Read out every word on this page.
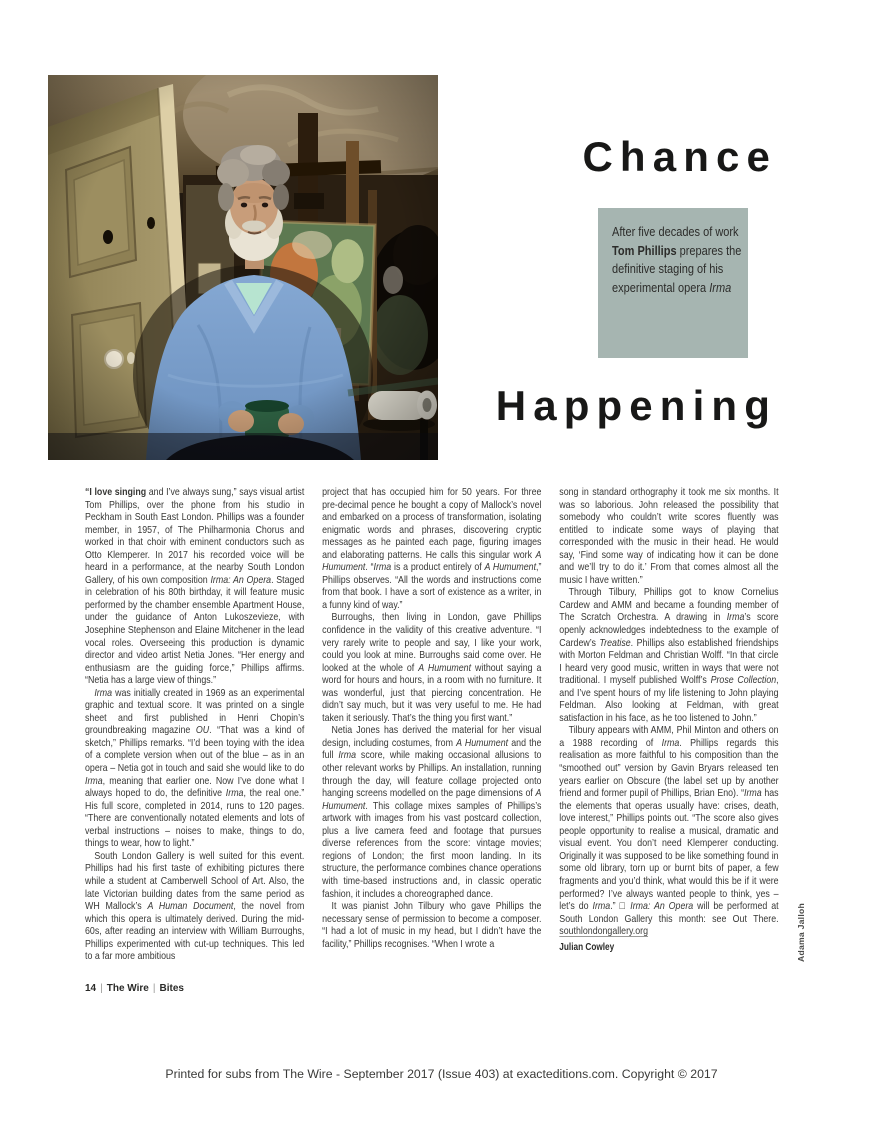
Chance
Happening
After five decades of work Tom Phillips prepares the definitive staging of his experimental opera Irma

“I love singing and I’ve always sung,” says visual artist Tom Phillips, over the phone from his studio in Peckham in South East London. Phillips was a founder member, in 1957, of The Philharmonia Chorus and worked in that choir with eminent conductors such as Otto Klemperer. In 2017 his recorded voice will be heard in a performance, at the nearby South London Gallery, of his own composition Irma: An Opera. Staged in celebration of his 80th birthday, it will feature music performed by the chamber ensemble Apartment House, under the guidance of Anton Lukoszevieze, with Josephine Stephenson and Elaine Mitchener in the lead vocal roles. Overseeing this production is dynamic director and video artist Netia Jones. “Her energy and enthusiasm are the guiding force,” Phillips affirms. “Netia has a large view of things.”

Irma was initially created in 1969 as an experimental graphic and textual score. It was printed on a single sheet and first published in Henri Chopin’s groundbreaking magazine OU. “That was a kind of sketch,” Phillips remarks. “I’d been toying with the idea of a complete version when out of the blue – as in an opera – Netia got in touch and said she would like to do Irma, meaning that earlier one. Now I’ve done what I always hoped to do, the definitive Irma, the real one.” His full score, completed in 2014, runs to 120 pages. “There are conventionally notated elements and lots of verbal instructions – noises to make, things to do, things to wear, how to light.”

South London Gallery is well suited for this event. Phillips had his first taste of exhibiting pictures there while a student at Camberwell School of Art. Also, the late Victorian building dates from the same period as WH Mallock’s A Human Document, the novel from which this opera is ultimately derived. During the mid-60s, after reading an interview with William Burroughs, Phillips experimented with cut-up techniques. This led to a far more ambitious

project that has occupied him for 50 years. For three pre-decimal pence he bought a copy of Mallock’s novel and embarked on a process of transformation, isolating enigmatic words and phrases, discovering cryptic messages as he painted each page, figuring images and elaborating patterns. He calls this singular work A Humument. “Irma is a product entirely of A Humument,” Phillips observes. “All the words and instructions come from that book. I have a sort of existence as a writer, in a funny kind of way.”

Burroughs, then living in London, gave Phillips confidence in the validity of this creative adventure. “I very rarely write to people and say, I like your work, could you look at mine. Burroughs said come over. He looked at the whole of A Humument without saying a word for hours and hours, in a room with no furniture. It was wonderful, just that piercing concentration. He didn’t say much, but it was very useful to me. He had taken it seriously. That’s the thing you first want.”

Netia Jones has derived the material for her visual design, including costumes, from A Humument and the full Irma score, while making occasional allusions to other relevant works by Phillips. An installation, running through the day, will feature collage projected onto hanging screens modelled on the page dimensions of A Humument. This collage mixes samples of Phillips’s artwork with images from his vast postcard collection, plus a live camera feed and footage that pursues diverse references from the score: vintage movies; regions of London; the first moon landing. In its structure, the performance combines chance operations with time-based instructions and, in classic operatic fashion, it includes a choreographed dance.

It was pianist John Tilbury who gave Phillips the necessary sense of permission to become a composer. “I had a lot of music in my head, but I didn’t have the facility,” Phillips recognises. “When I wrote a

song in standard orthography it took me six months. It was so laborious. John released the possibility that somebody who couldn’t write scores fluently was entitled to indicate some ways of playing that corresponded with the music in their head. He would say, ‘Find some way of indicating how it can be done and we’ll try to do it.’ From that comes almost all the music I have written.”

Through Tilbury, Phillips got to know Cornelius Cardew and AMM and became a founding member of The Scratch Orchestra. A drawing in Irma’s score openly acknowledges indebtedness to the example of Cardew’s Treatise. Phillips also established friendships with Morton Feldman and Christian Wolff. “In that circle I heard very good music, written in ways that were not traditional. I myself published Wolff’s Prose Collection, and I’ve spent hours of my life listening to John playing Feldman. Also looking at Feldman, with great satisfaction in his face, as he too listened to John.”

Tilbury appears with AMM, Phil Minton and others on a 1988 recording of Irma. Phillips regards this realisation as more faithful to his composition than the “smoothed out” version by Gavin Bryars released ten years earlier on Obscure (the label set up by another friend and former pupil of Phillips, Brian Eno). “Irma has the elements that operas usually have: crises, death, love interest,” Phillips points out. “The score also gives people opportunity to realise a musical, dramatic and visual event. You don’t need Klemperer conducting. Originally it was supposed to be like something found in some old library, torn up or burnt bits of paper, a few fragments and you’d think, what would this be if it were performed? I’ve always wanted people to think, yes – let’s do Irma.” □ Irma: An Opera will be performed at South London Gallery this month: see Out There. southlondongallery.org

Julian Cowley	Adama Jalloh
14 | The Wire | Bites
Printed for subs from The Wire - September 2017 (Issue 403) at exacteditions.com. Copyright © 2017
